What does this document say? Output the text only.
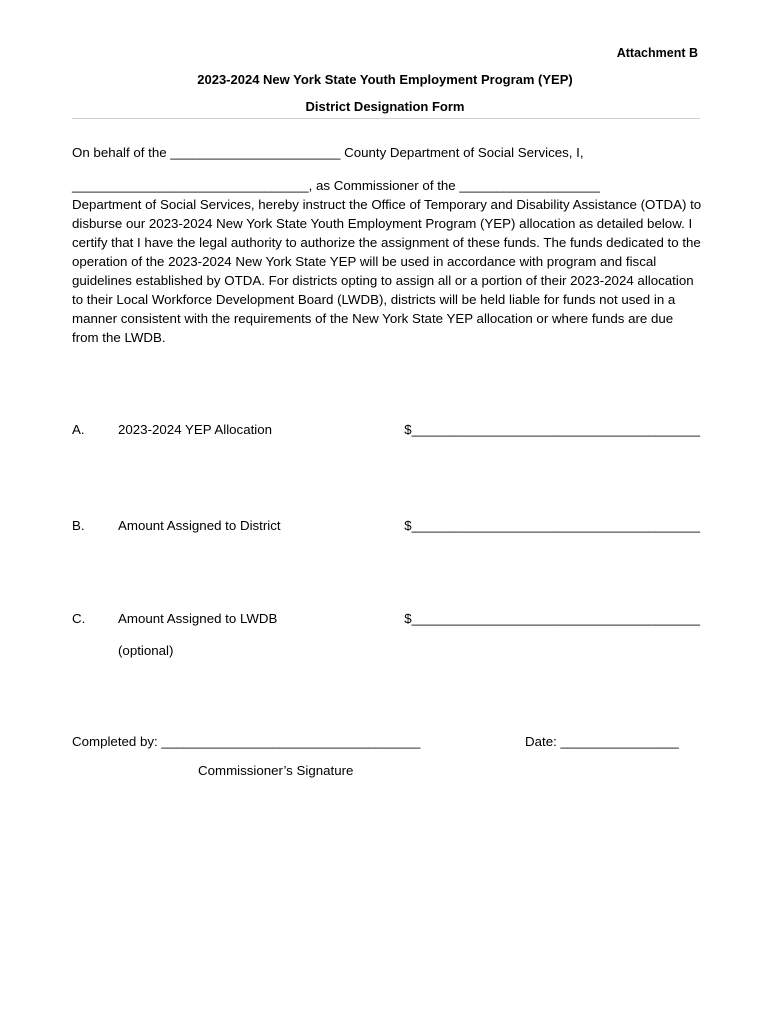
Attachment B
2023-2024 New York State Youth Employment Program (YEP)
District Designation Form
On behalf of the _______________________ County Department of Social Services, I,
________________________________, as Commissioner of the ___________________
Department of Social Services, hereby instruct the Office of Temporary and Disability Assistance (OTDA) to disburse our 2023-2024 New York State Youth Employment Program (YEP) allocation as detailed below. I certify that I have the legal authority to authorize the assignment of these funds. The funds dedicated to the operation of the 2023-2024 New York State YEP will be used in accordance with program and fiscal guidelines established by OTDA. For districts opting to assign all or a portion of their 2023-2024 allocation to their Local Workforce Development Board (LWDB), districts will be held liable for funds not used in a manner consistent with the requirements of the New York State YEP allocation or where funds are due from the LWDB.
A.	2023-2024 YEP Allocation	$_______________________________________
B.	Amount Assigned to District	$_______________________________________
C. Amount Assigned to LWDB	$_______________________________________
(optional)
Completed by: ___________________________________	Date: ________________
Commissioner’s Signature
